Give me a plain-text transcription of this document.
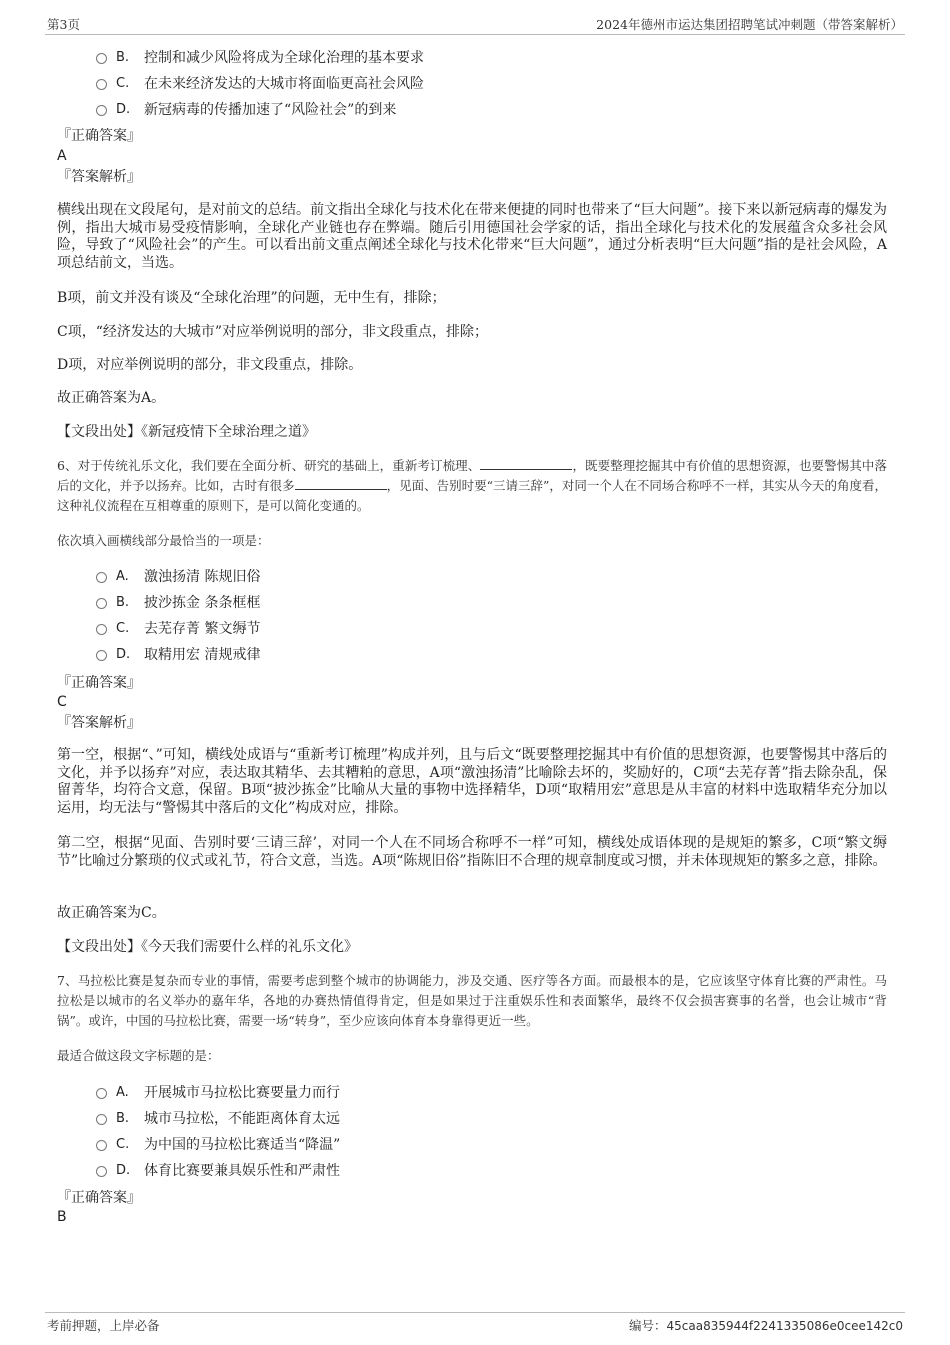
第3页	2024年德州市运达集团招聘笔试冲刺题（带答案解析）
B. 控制和减少风险将成为全球化治理的基本要求
C. 在未来经济发达的大城市将面临更高社会风险
D. 新冠病毒的传播加速了“风险社会”的到来
『正确答案』
A
『答案解析』
横线出现在文段尾句，是对前文的总结。前文指出全球化与技术化在带来便捷的同时也带来了“巨大问题”。接下来以新冠病毒的爆发为例，指出大城市易受疫情影响，全球化产业链也存在弊端。随后引用德国社会学家的话，指出全球化与技术化的发展蕴含众多社会风险，导致了“风险社会”的产生。可以看出前文重点阐述全球化与技术化带来“巨大问题”，通过分析表明“巨大问题”指的是社会风险，A项总结前文，当选。
B项，前文并没有谈及“全球化治理”的问题，无中生有，排除；
C项，“经济发达的大城市”对应举例说明的部分，非文段重点，排除；
D项，对应举例说明的部分，非文段重点，排除。
故正确答案为A。
【文段出处】《新冠疫情下全球治理之道》
6、对于传统礼乐文化，我们要在全面分析、研究的基础上，重新考订梳理、	，既要整理挖掘其中有价值的思想资源，也要警惕其中落后的文化，并予以扬弃。比如，古时有很多	，见面、告别时要“三请三辞”，对同一个人在不同场合称呼不一样，其实从今天的角度看，这种礼仪流程在互相尊重的原则下，是可以简化变通的。
依次填入画横线部分最恰当的一项是：
A. 激浊扬清 陈规旧俗
B. 披沙拣金 条条框框
C. 去芜存菁 繁文缛节
D. 取精用宏 清规戒律
『正确答案』
C
『答案解析』
第一空，根据“、”可知，横线处成语与“重新考订梳理”构成并列，且与后文“既要整理挖掘其中有价值的思想资源，也要警惕其中落后的文化，并予以扬弃”对应，表达取其精华、去其糟粕的意思，A项“激浊扬清”比喻除去坏的，奖励好的，C项“去芜存菁”指去除杂乱，保留菁华，均符合文意，保留。B项“披沙拣金”比喻从大量的事物中选择精华，D项“取精用宏”意思是从丰富的材料中选取精华充分加以运用，均无法与“警惕其中落后的文化”构成对应，排除。
第二空，根据“见面、告别时要‘三请三辞’，对同一个人在不同场合称呼不一样”可知，横线处成语体现的是规矩的繁多，C项“繁文缛节”比喻过分繁琐的仪式或礼节，符合文意，当选。A项“陈规旧俗”指陈旧不合理的规章制度或习惯，并未体现规矩的繁多之意，排除。
故正确答案为C。
【文段出处】《今天我们需要什么样的礼乐文化》
7、马拉松比赛是复杂而专业的事情，需要考虑到整个城市的协调能力，涉及交通、医疗等各方面。而最根本的是，它应该坚守体育比赛的严肃性。马拉松是以城市的名义举办的嘉年华，各地的办赛热情值得肯定，但是如果过于注重娱乐性和表面繁华，最终不仅会损害赛事的名誉，也会让城市“背锅”。或许，中国的马拉松比赛，需要一场“转身”，至少应该向体育本身靠得更近一些。
最适合做这段文字标题的是：
A. 开展城市马拉松比赛要量力而行
B. 城市马拉松，不能距离体育太远
C. 为中国的马拉松比赛适当“降温”
D. 体育比赛要兼具娱乐性和严肃性
『正确答案』
B
考前押题，上岸必备	编号：45caa835944f2241335086e0cee142c0
